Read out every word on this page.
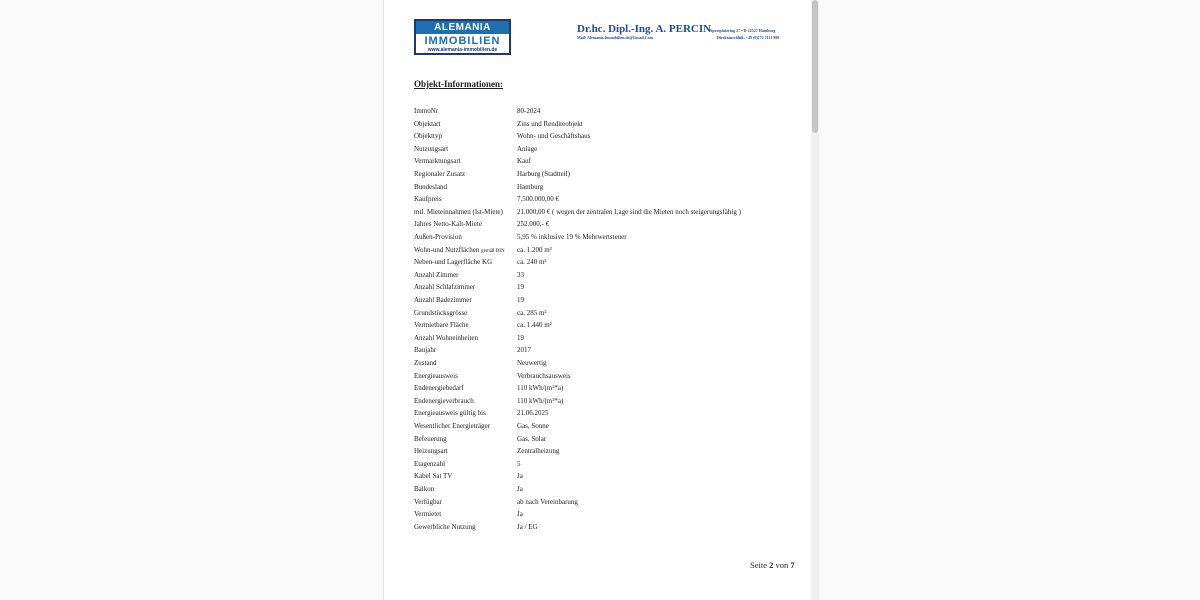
ALEMANIA
IMMOBILIEN
www.alemania-immobilien.de
Dr.hc. Dipl.-Ing. A. PERCIN
Mail: Alemania.Immobilien.de@Gmail.Com
Sportplatzring 27 • D-22527 Hamburg
Direktanschluß: +49 (0)172 7111 999
Objekt-Informationen:
ImmoNr	80-2024
Objektart	Zins und Renditeobjekt
Objekttyp	Wohn- und Geschäftshaus
Nutzungsart	Anlage
Vermarktungsart	Kauf
Regionaler Zusatz	Harburg (Stadtteil)
Bundesland	Hamburg
Kaufpreis	7.500.000,00 €
mtl. Mieteinnahmen (Ist-Miete) 21.000,00 € ( wegen der zentralen Lage sind die Mieten noch steigerungsfähig )
Jahres Netto-Kalt-Miete	252.000,- €
Außen-Provision	5,95 % inklusive 19 % Mehrwertsteuer
Wohn-und Nutzflächen gemäß DIN ca. 1.200 m²
Neben-und Lagerfläche KG	ca. 240 m²
Anzahl Zimmer	33
Anzahl Schlafzimmer	19
Anzahl Badezimmer	19
Grundstücksgrösse	ca. 285 m²
Vermietbare Fläche	ca. 1.440 m²
Anzahl Wohneinheiten	19
Baujahr	2017
Zustand	Neuwertig
Energieausweis	Verbrauchsausweis
Endenergiebedarf	110 kWh/(m²*a)
Endenergieverbrauch	110 kWh/(m²*a)
Energieausweis gültig bis	21.06.2025
Wesentlicher Energieträger	Gas, Sonne
Befeuerung	Gas, Solar
Heizungsart	Zentralheizung
Etagenzahl	5
Kabel Sat TV	Ja
Balkon	Ja
Verfügbar	ab nach Vereinbarung
Vermietet	Ja
Gewerbliche Nutzung	Ja / EG
Seite 2 von 7
